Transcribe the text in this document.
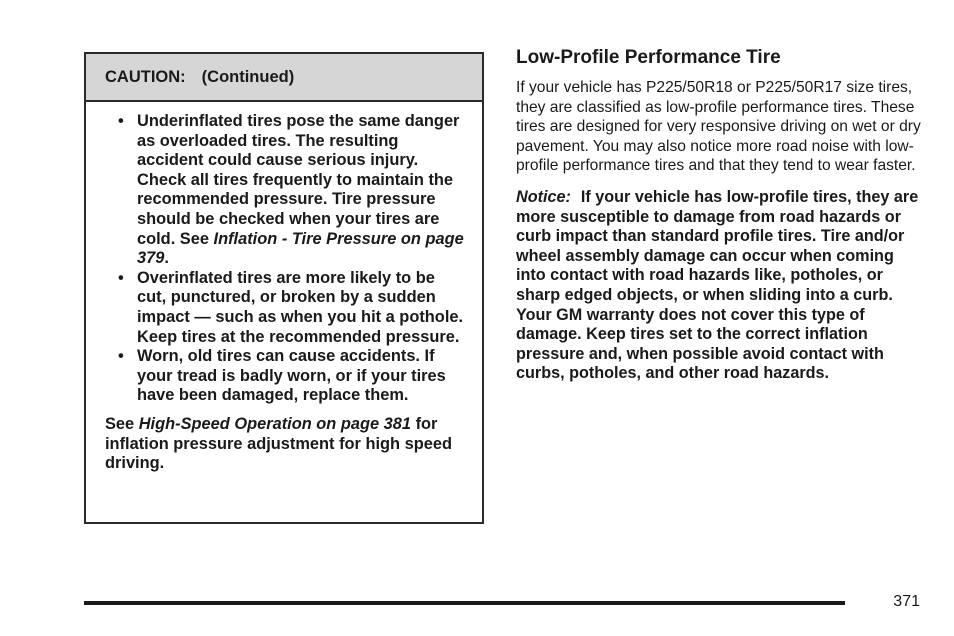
CAUTION: (Continued)
• Underinflated tires pose the same danger as overloaded tires. The resulting accident could cause serious injury. Check all tires frequently to maintain the recommended pressure. Tire pressure should be checked when your tires are cold. See Inflation - Tire Pressure on page 379.
• Overinflated tires are more likely to be cut, punctured, or broken by a sudden impact — such as when you hit a pothole. Keep tires at the recommended pressure.
• Worn, old tires can cause accidents. If your tread is badly worn, or if your tires have been damaged, replace them.

See High-Speed Operation on page 381 for inflation pressure adjustment for high speed driving.

Low-Profile Performance Tire

If your vehicle has P225/50R18 or P225/50R17 size tires, they are classified as low-profile performance tires. These tires are designed for very responsive driving on wet or dry pavement. You may also notice more road noise with low-profile performance tires and that they tend to wear faster.

Notice: If your vehicle has low-profile tires, they are more susceptible to damage from road hazards or curb impact than standard profile tires. Tire and/or wheel assembly damage can occur when coming into contact with road hazards like, potholes, or sharp edged objects, or when sliding into a curb. Your GM warranty does not cover this type of damage. Keep tires set to the correct inflation pressure and, when possible avoid contact with curbs, potholes, and other road hazards.

371
